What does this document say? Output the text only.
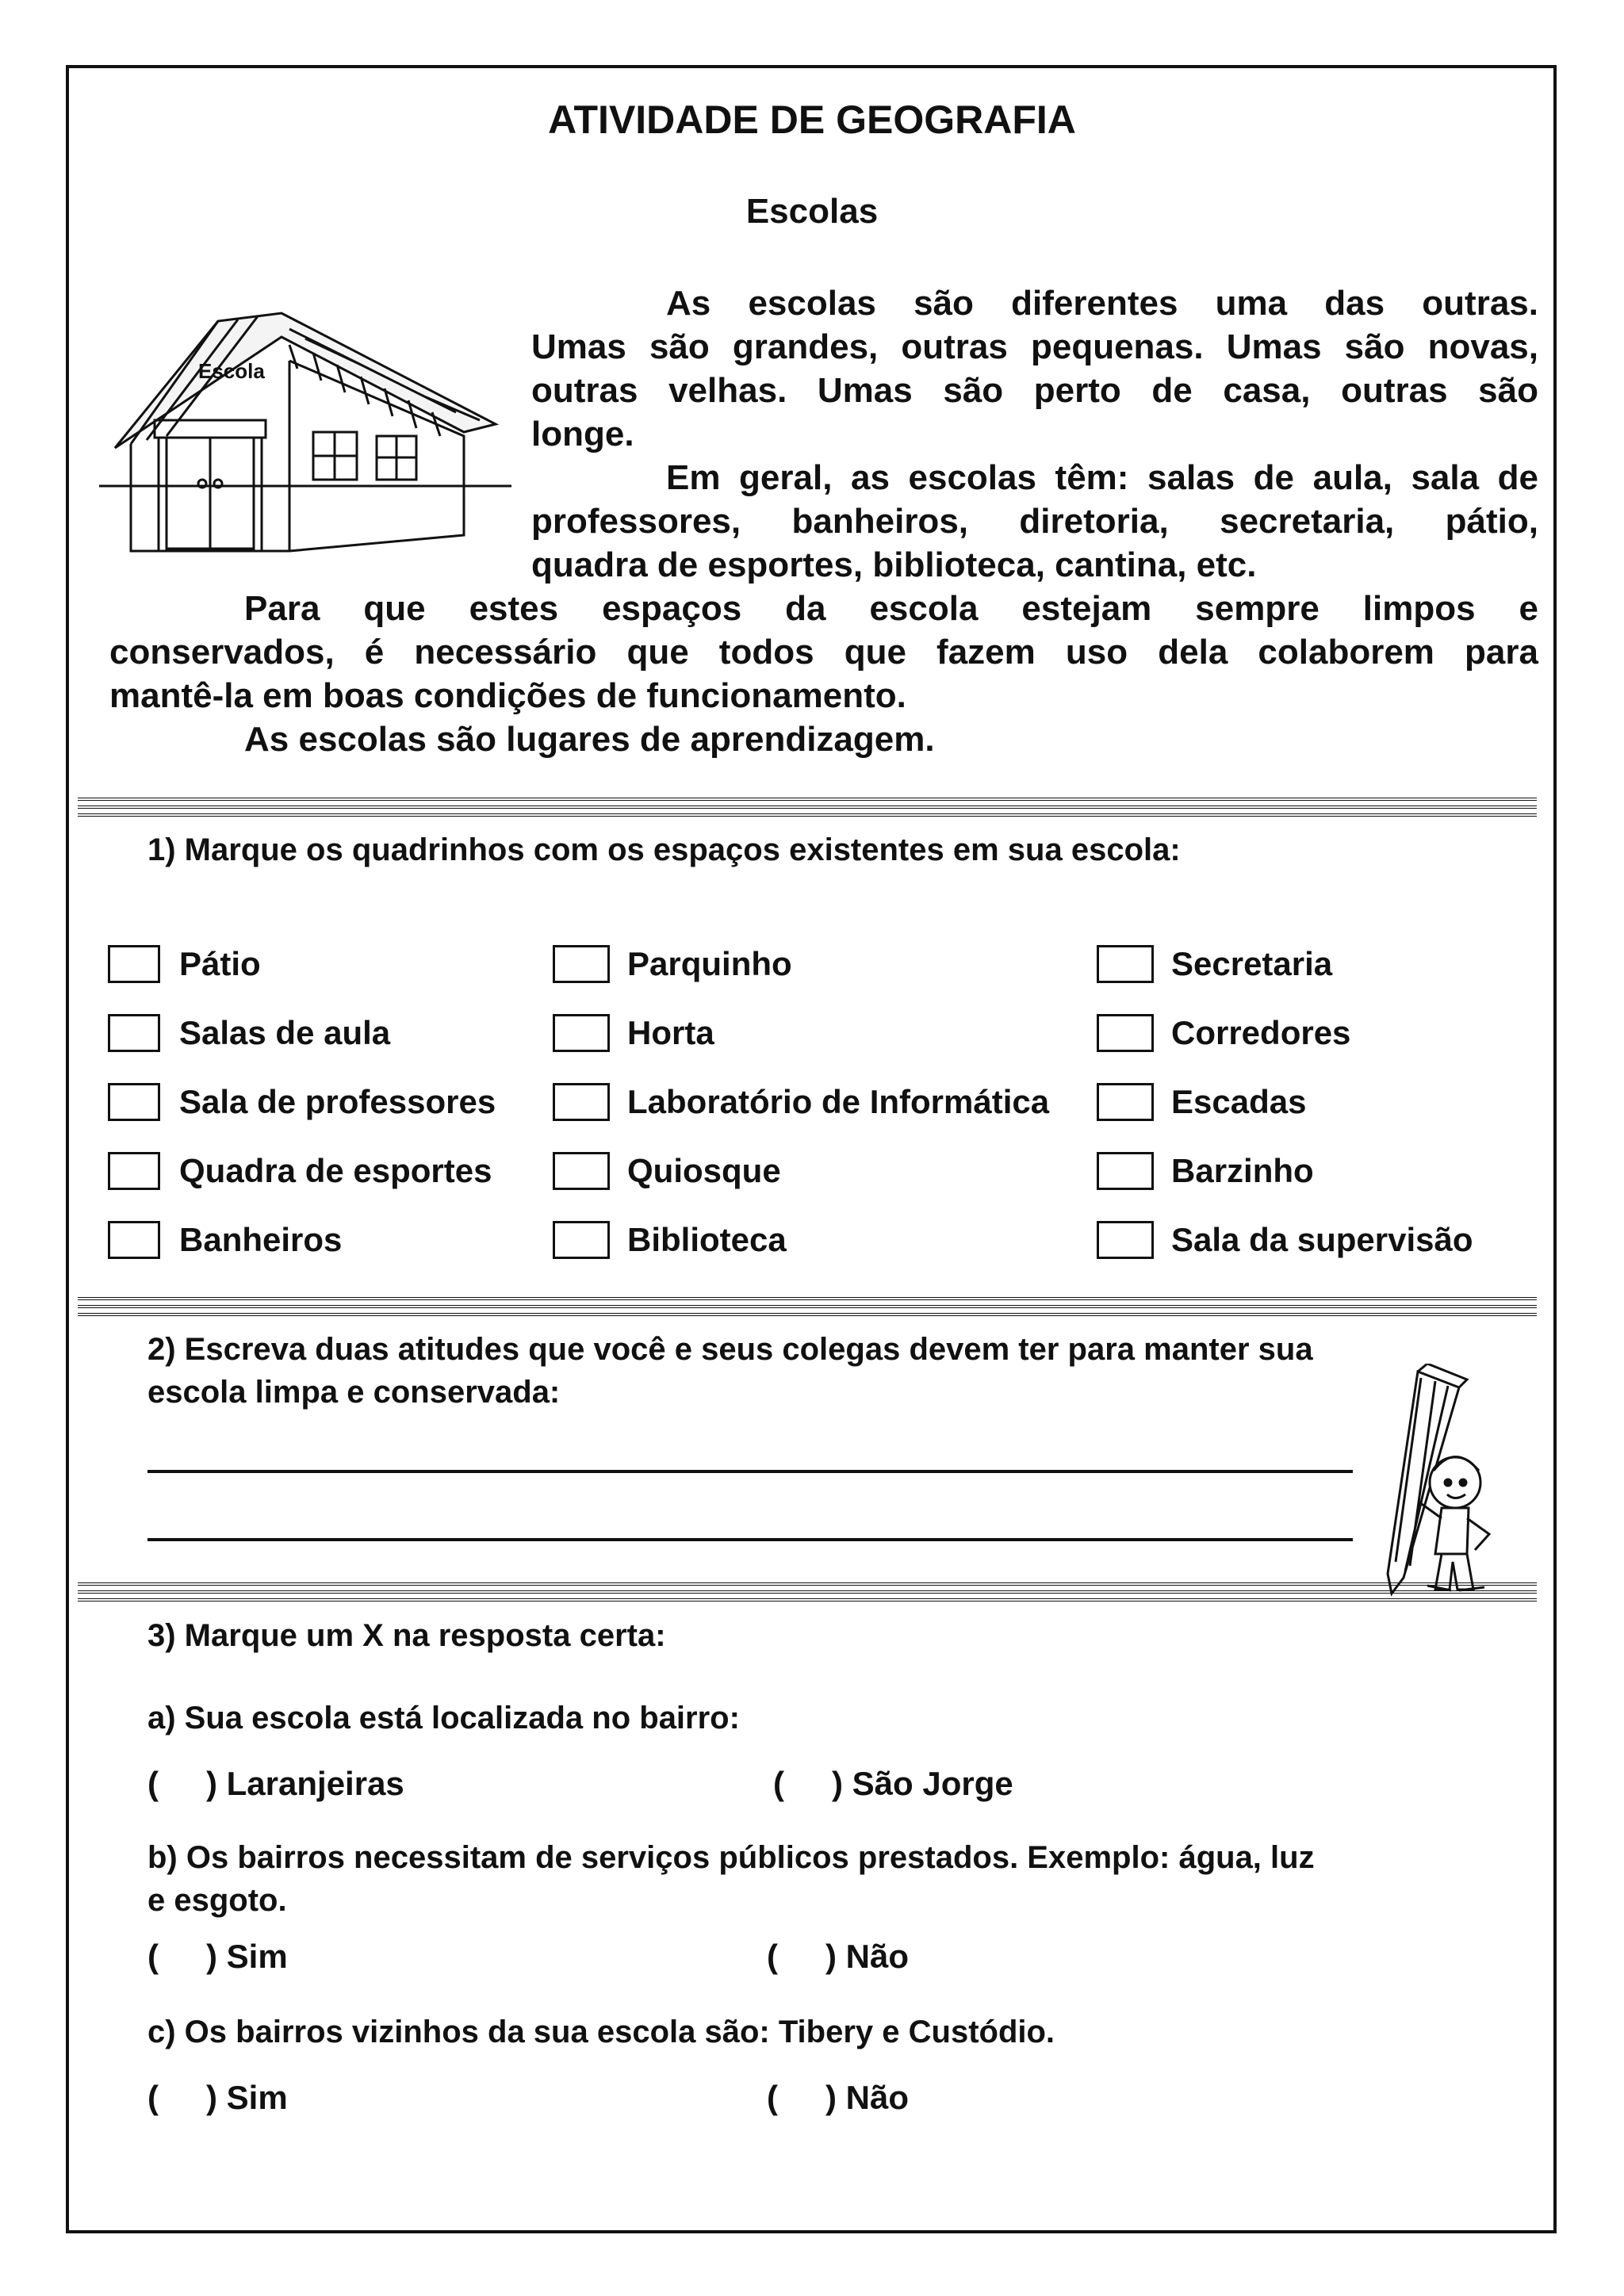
ATIVIDADE DE GEOGRAFIA
Escolas
Escola
As escolas são diferentes uma das outras.
Umas são grandes, outras pequenas. Umas são novas,
outras velhas. Umas são perto de casa, outras são
longe.
Em geral, as escolas têm: salas de aula, sala de
professores, banheiros, diretoria, secretaria, pátio,
quadra de esportes, biblioteca, cantina, etc.
Para que estes espaços da escola estejam sempre limpos e
conservados, é necessário que todos que fazem uso dela colaborem para
mantê-la em boas condições de funcionamento.
As escolas são lugares de aprendizagem.
1) Marque os quadrinhos com os espaços existentes em sua escola:
Pátio
Salas de aula
Sala de professores
Quadra de esportes
Banheiros
Parquinho
Horta
Laboratório de Informática
Quiosque
Biblioteca
Secretaria
Corredores
Escadas
Barzinho
Sala da supervisão
2) Escreva duas atitudes que você e seus colegas devem ter para manter sua
escola limpa e conservada:
3) Marque um X na resposta certa:
a) Sua escola está localizada no bairro:
( ) Laranjeiras	( ) São Jorge
b) Os bairros necessitam de serviços públicos prestados. Exemplo: água, luz
e esgoto.
( ) Sim	( ) Não
c) Os bairros vizinhos da sua escola são: Tibery e Custódio.
( ) Sim	( ) Não
